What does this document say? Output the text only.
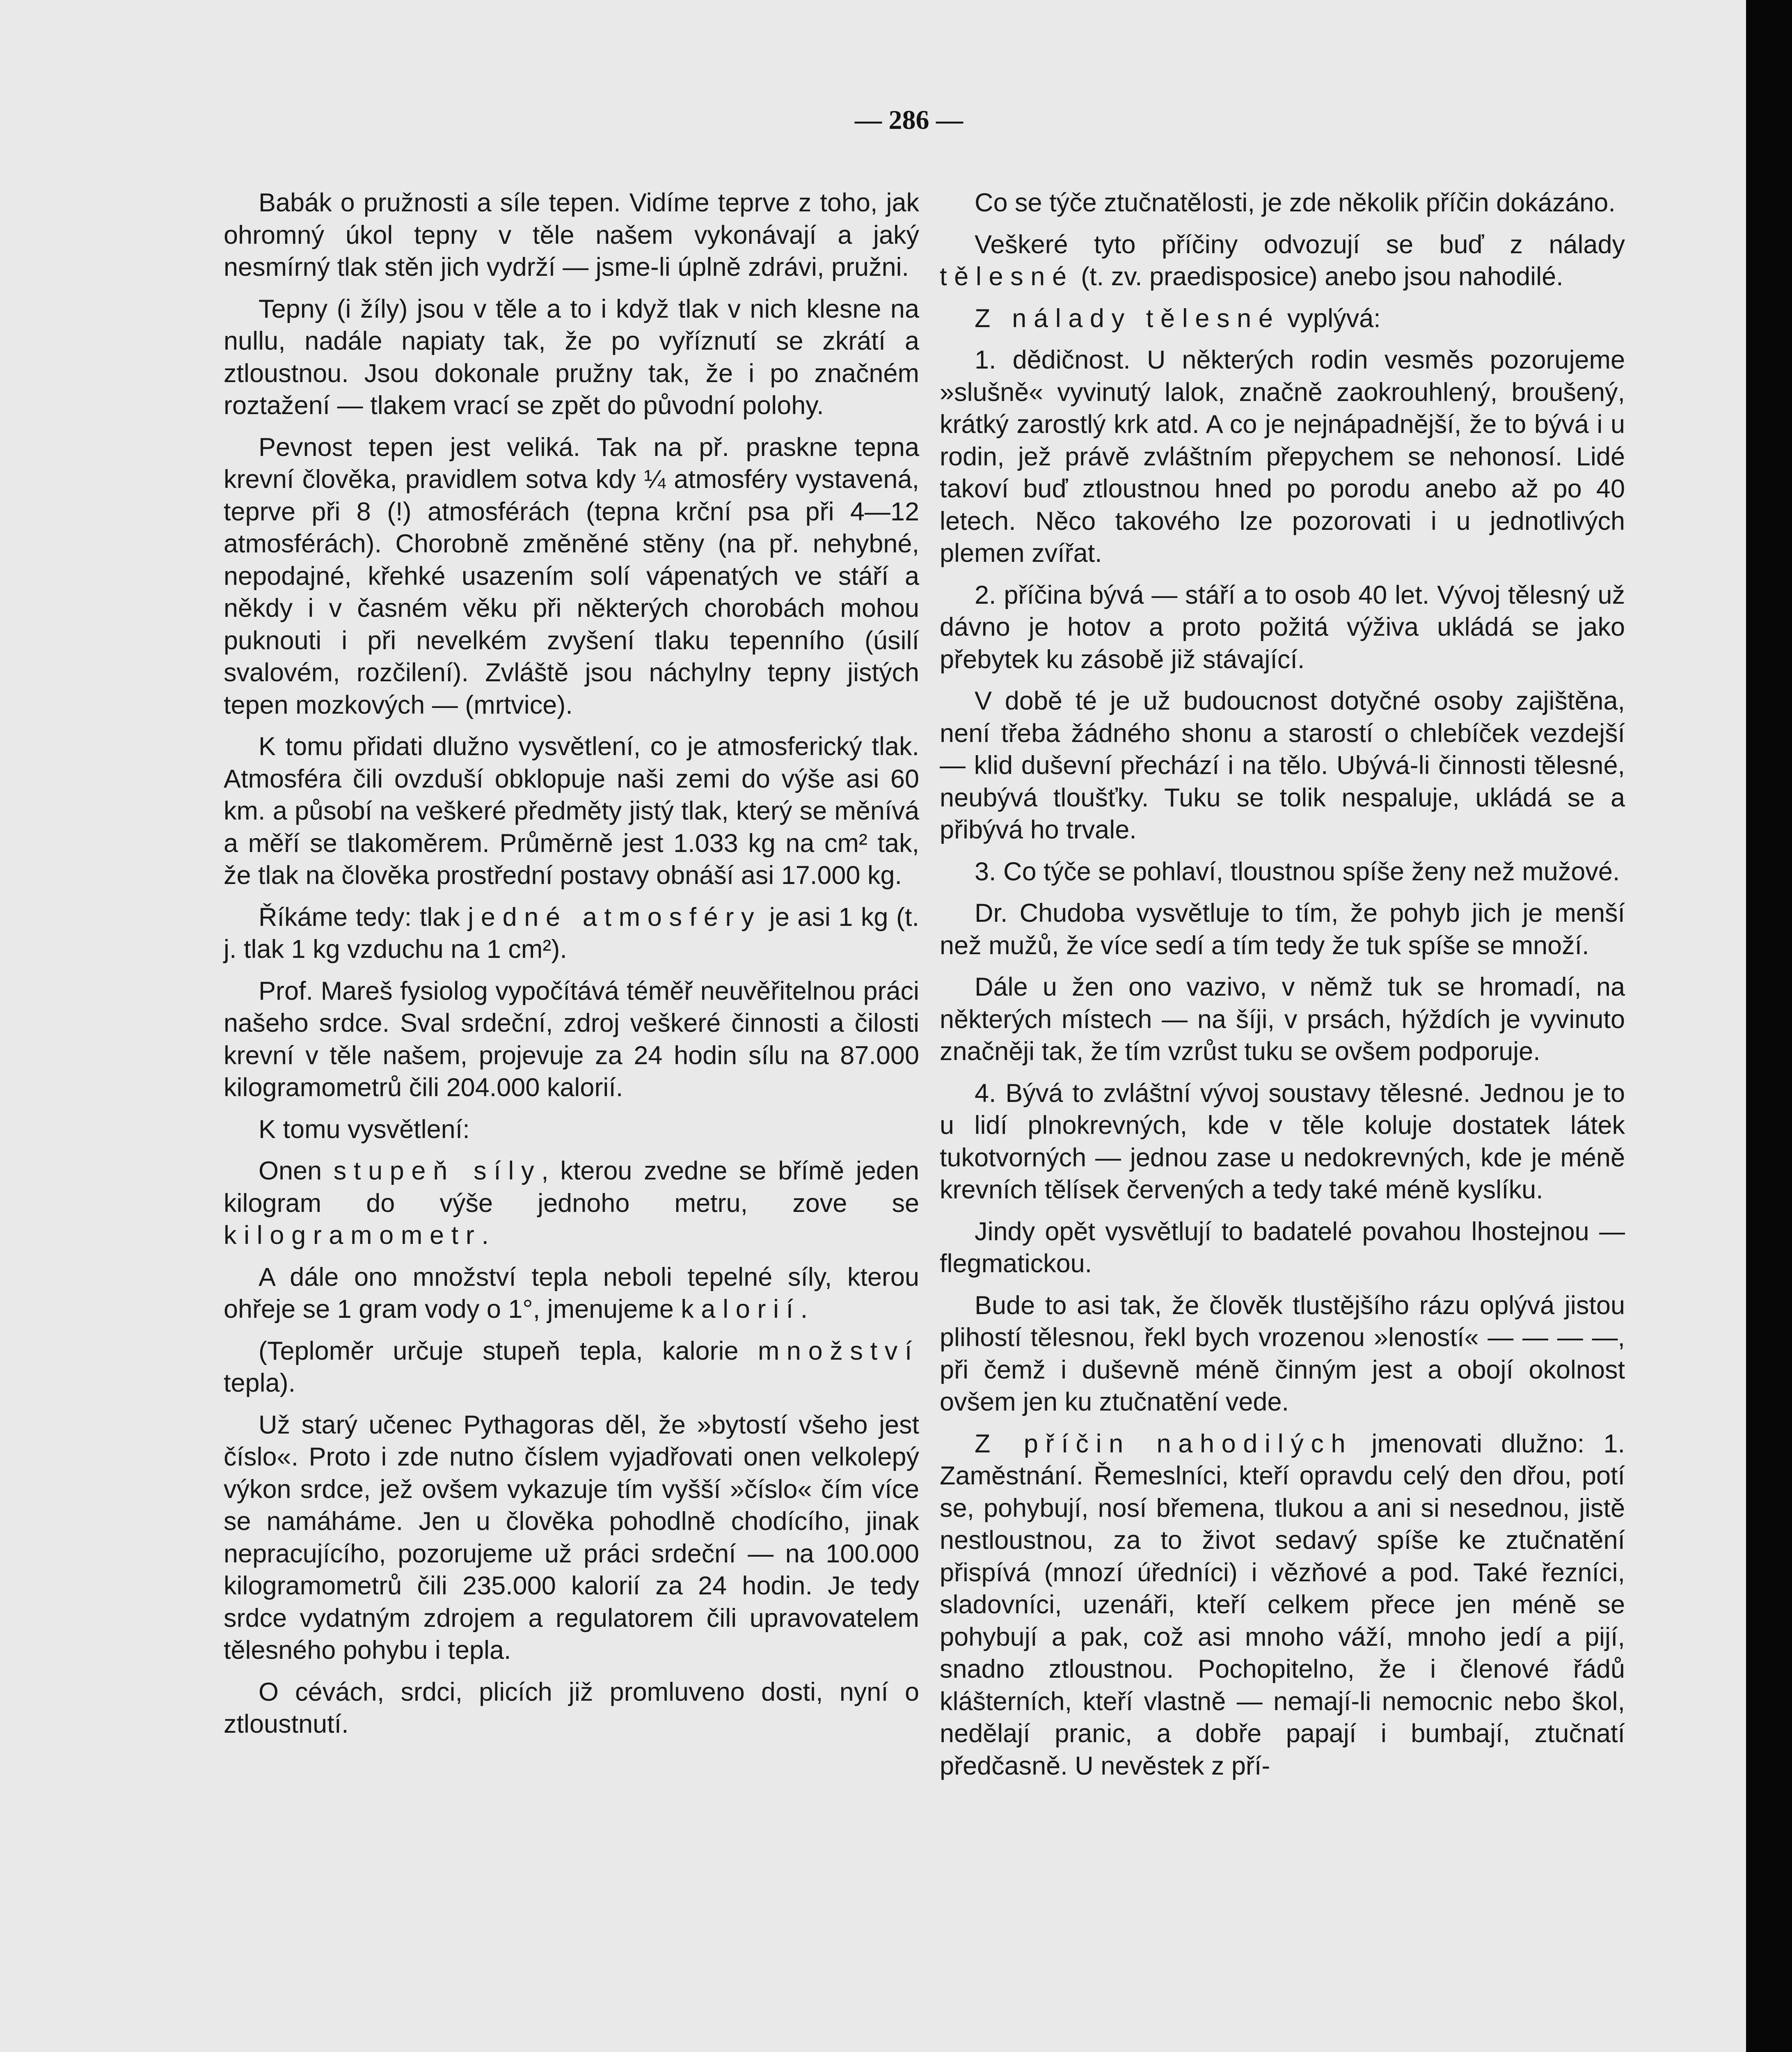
— 286 —

Babák o pružnosti a síle tepen. Vidíme teprve z toho, jak ohromný úkol tepny v těle našem vykonávají a jaký nesmírný tlak stěn jich vydrží — jsme-li úplně zdrávi, pružni.

Tepny (i žíly) jsou v těle a to i když tlak v nich klesne na nullu, nadále napiaty tak, že po vyříznutí se zkrátí a ztloustnou. Jsou dokonale pružny tak, že i po značném roztažení — tlakem vrací se zpět do původní polohy.

Pevnost tepen jest veliká. Tak na př. praskne tepna krevní člověka, pravidlem sotva kdy ¼ atmosféry vystavená, teprve při 8 (!) atmosférách (tepna krční psa při 4—12 atmosférách). Chorobně změněné stěny (na př. nehybné, nepodajné, křehké usazením solí vápenatých ve stáří a někdy i v časném věku při některých chorobách mohou puknouti i při nevelkém zvyšení tlaku tepenního (úsilí svalovém, rozčilení). Zvláště jsou náchylny tepny jistých tepen mozkových — (mrtvice).

K tomu přidati dlužno vysvětlení, co je atmosferický tlak. Atmosféra čili ovzduší obklopuje naši zemi do výše asi 60 km. a působí na veškeré předměty jistý tlak, který se měnívá a měří se tlakoměrem. Průměrně jest 1.033 kg na cm² tak, že tlak na člověka prostřední postavy obnáší asi 17.000 kg.

Říkáme tedy: tlak jedné atmosféry je asi 1 kg (t. j. tlak 1 kg vzduchu na 1 cm²).

Prof. Mareš fysiolog vypočítává téměř neuvěřitelnou práci našeho srdce. Sval srdeční, zdroj veškeré činnosti a čilosti krevní v těle našem, projevuje za 24 hodin sílu na 87.000 kilogramometrů čili 204.000 kalorií.

K tomu vysvětlení:

Onen stupeň síly, kterou zvedne se břímě jeden kilogram do výše jednoho metru, zove se kilogramometr.

A dále ono množství tepla neboli tepelné síly, kterou ohřeje se 1 gram vody o 1°, jmenujeme kalorií.

(Teploměr určuje stupeň tepla, kalorie množství tepla).

Už starý učenec Pythagoras děl, že »bytostí všeho jest číslo«. Proto i zde nutno číslem vyjadřovati onen velkolepý výkon srdce, jež ovšem vykazuje tím vyšší »číslo« čím více se namáháme. Jen u člověka pohodlně chodícího, jinak nepracujícího, pozorujeme už práci srdeční — na 100.000 kilogramometrů čili 235.000 kalorií za 24 hodin. Je tedy srdce vydatným zdrojem a regulatorem čili upravovatelem tělesného pohybu i tepla.

O cévách, srdci, plicích již promluveno dosti, nyní o ztloustnutí.

Co se týče ztučnatělosti, je zde několik příčin dokázáno.

Veškeré tyto příčiny odvozují se buď z nálady tělesné (t. zv. praedisposice) anebo jsou nahodilé.

Z nálady tělesné vyplývá:

1. dědičnost. U některých rodin vesměs pozorujeme »slušně« vyvinutý lalok, značně zaokrouhlený, broušený, krátký zarostlý krk atd. A co je nejnápadnější, že to bývá i u rodin, jež právě zvláštním přepychem se nehonosí. Lidé takoví buď ztloustnou hned po porodu anebo až po 40 letech. Něco takového lze pozorovati i u jednotlivých plemen zvířat.

2. příčina bývá — stáří a to osob 40 let. Vývoj tělesný už dávno je hotov a proto požitá výživa ukládá se jako přebytek ku zásobě již stávající.

V době té je už budoucnost dotyčné osoby zajištěna, není třeba žádného shonu a starostí o chlebíček vezdejší — klid duševní přechází i na tělo. Ubývá-li činnosti tělesné, neubývá tloušťky. Tuku se tolik nespaluje, ukládá se a přibývá ho trvale.

3. Co týče se pohlaví, tloustnou spíše ženy než mužové.

Dr. Chudoba vysvětluje to tím, že pohyb jich je menší než mužů, že více sedí a tím tedy že tuk spíše se množí.

Dále u žen ono vazivo, v němž tuk se hromadí, na některých místech — na šíji, v prsách, hýždích je vyvinuto značněji tak, že tím vzrůst tuku se ovšem podporuje.

4. Bývá to zvláštní vývoj soustavy tělesné. Jednou je to u lidí plnokrevných, kde v těle koluje dostatek látek tukotvorných — jednou zase u nedokrevných, kde je méně krevních tělísek červených a tedy také méně kyslíku.

Jindy opět vysvětlují to badatelé povahou lhostejnou — flegmatickou.

Bude to asi tak, že člověk tlustějšího rázu oplývá jistou plihostí tělesnou, řekl bych vrozenou »leností« — — — —, při čemž i duševně méně činným jest a obojí okolnost ovšem jen ku ztučnatění vede.

Z příčin nahodilých jmenovati dlužno: 1. Zaměstnání. Řemeslníci, kteří opravdu celý den dřou, potí se, pohybují, nosí břemena, tlukou a ani si nesednou, jistě nestloustnou, za to život sedavý spíše ke ztučnatění přispívá (mnozí úředníci) i vězňové a pod. Také řezníci, sladovníci, uzenáři, kteří celkem přece jen méně se pohybují a pak, což asi mnoho váží, mnoho jedí a pijí, snadno ztloustnou. Pochopitelno, že i členové řádů klášterních, kteří vlastně — nemají-li nemocnic nebo škol, nedělají pranic, a dobře papají i bumbají, ztučnatí předčasně. U nevěstek z pří-
